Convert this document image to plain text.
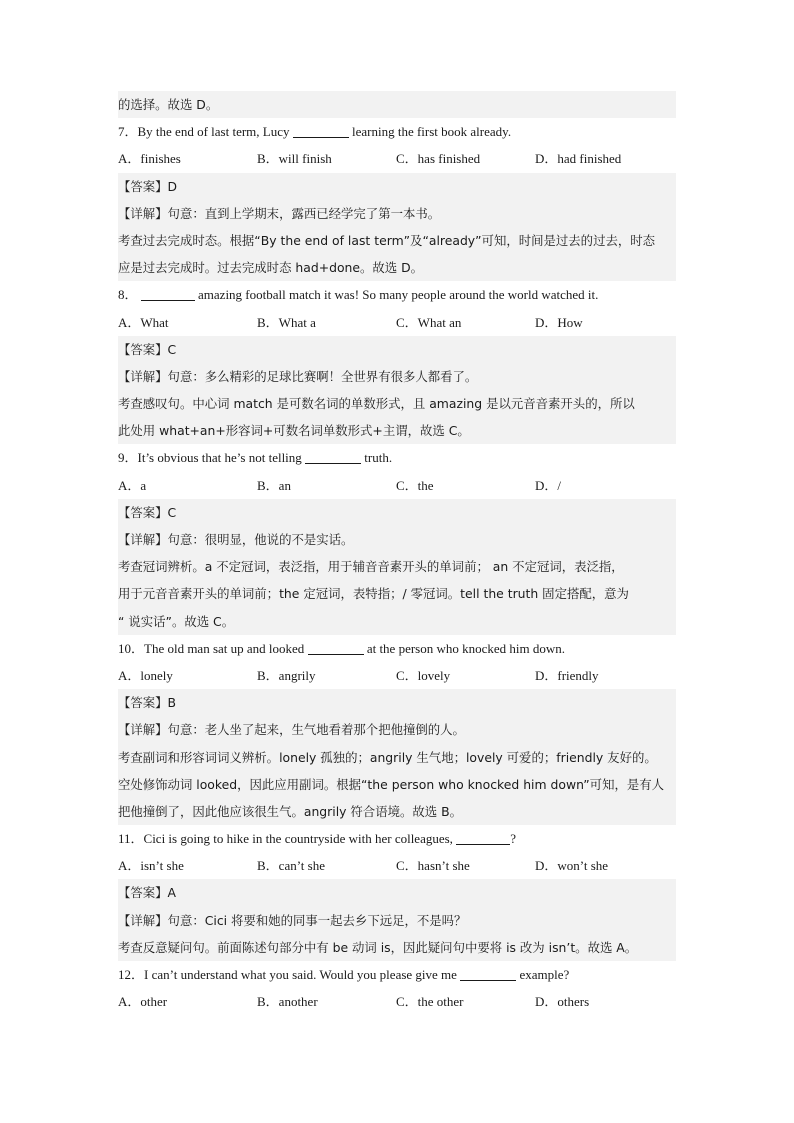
的选择。故选 D。
7．By the end of last term, Lucy	learning the first book already.
A．finishes	B．will finish	C．has finished	D．had finished
【答案】D
【详解】句意：直到上学期末，露西已经学完了第一本书。
考查过去完成时态。根据“By the end of last term”及“already”可知，时间是过去的过去，时态
应是过去完成时。过去完成时态 had+done。故选 D。
8．	amazing football match it was! So many people around the world watched it.
A．What	B．What a	C．What an	D．How
【答案】C
【详解】句意：多么精彩的足球比赛啊！全世界有很多人都看了。
考查感叹句。中心词 match 是可数名词的单数形式，且 amazing 是以元音音素开头的，所以
此处用 what+an+形容词+可数名词单数形式+主谓，故选 C。
9．It’s obvious that he’s not telling	truth.
A．a	B．an	C．the	D．/
【答案】C
【详解】句意：很明显，他说的不是实话。
考查冠词辨析。a 不定冠词，表泛指，用于辅音音素开头的单词前； an 不定冠词，表泛指，
用于元音音素开头的单词前；the 定冠词，表特指；/ 零冠词。tell the truth 固定搭配，意为
“ 说实话”。故选 C。
10．The old man sat up and looked	at the person who knocked him down.
A．lonely	B．angrily	C．lovely	D．friendly
【答案】B
【详解】句意：老人坐了起来，生气地看着那个把他撞倒的人。
考查副词和形容词词义辨析。lonely 孤独的；angrily 生气地；lovely 可爱的；friendly 友好的。
空处修饰动词 looked，因此应用副词。根据“the person who knocked him down”可知，是有人
把他撞倒了，因此他应该很生气。angrily 符合语境。故选 B。
11．Cici is going to hike in the countryside with her colleagues,	?
A．isn’t she	B．can’t she	C．hasn’t she	D．won’t she
【答案】A
【详解】句意：Cici 将要和她的同事一起去乡下远足，不是吗？
考查反意疑问句。前面陈述句部分中有 be 动词 is，因此疑问句中要将 is 改为 isn’t。故选 A。
12．I can’t understand what you said. Would you please give me	example?
A．other	B．another	C．the other	D．others
